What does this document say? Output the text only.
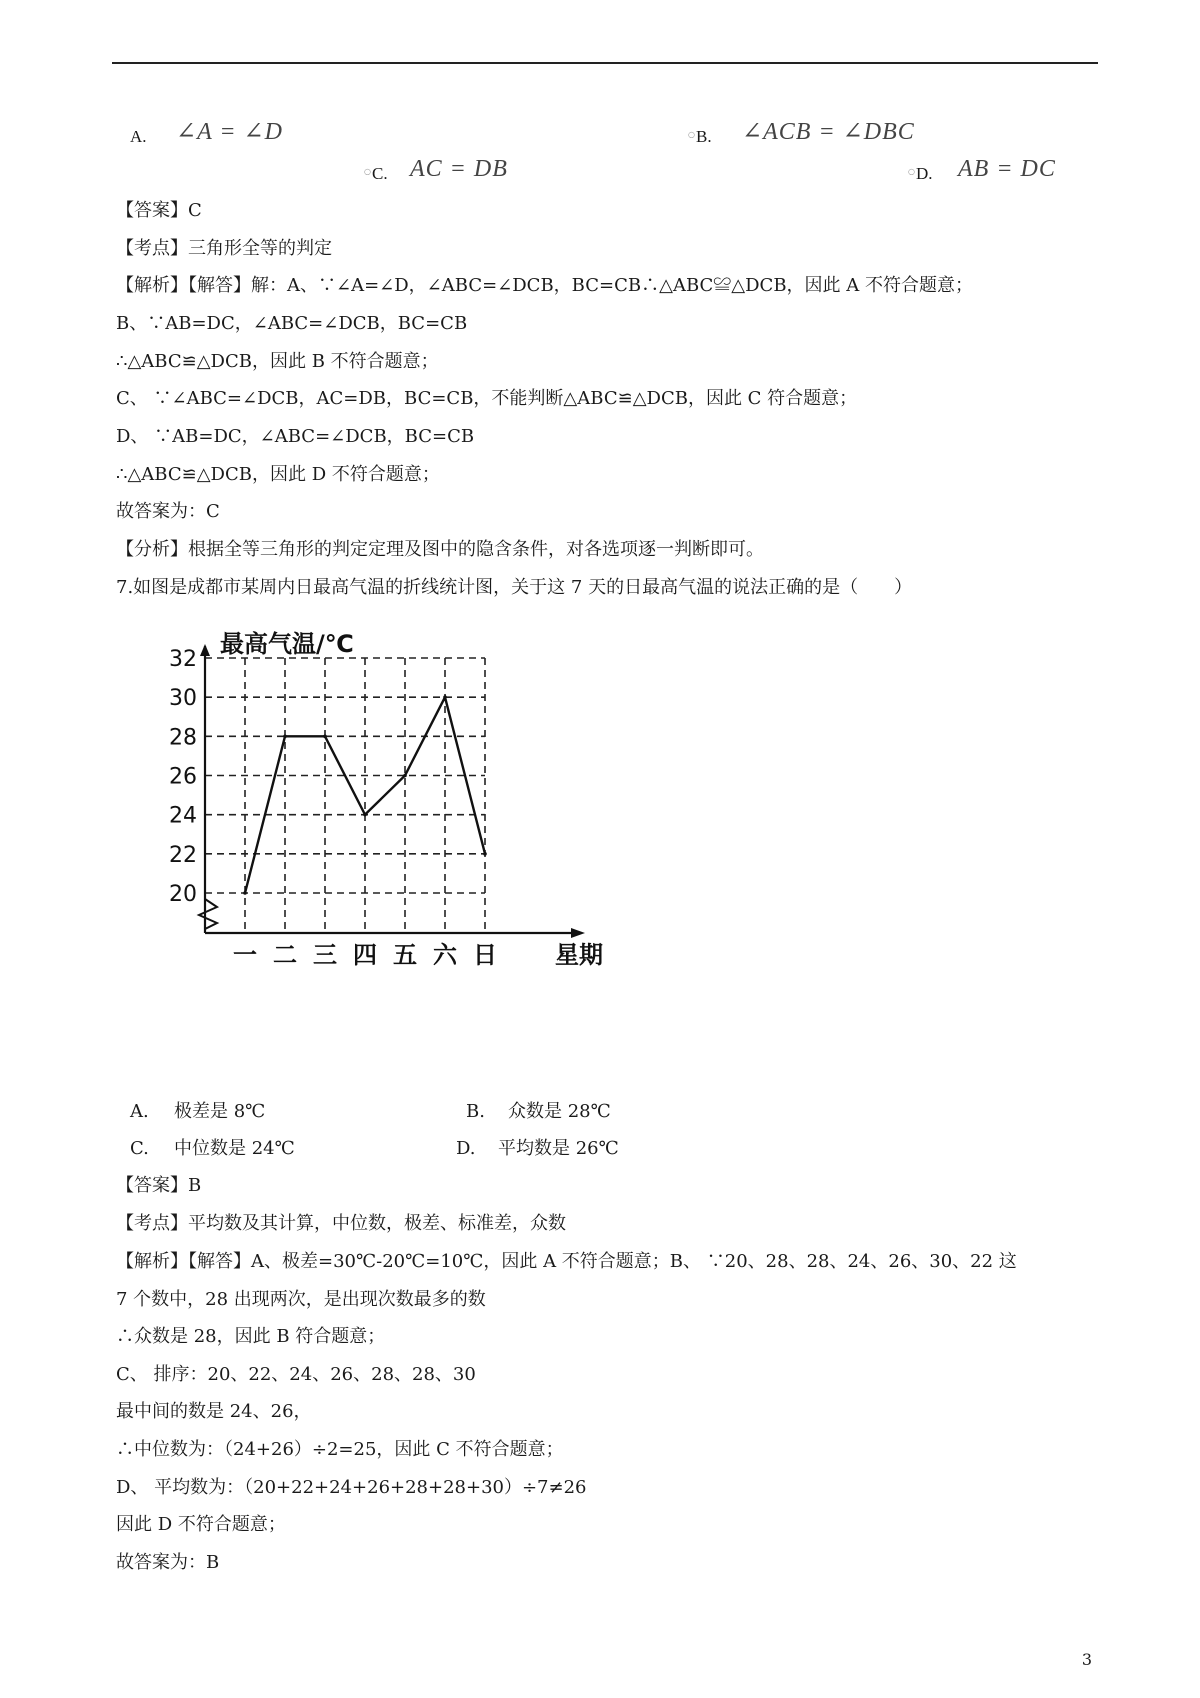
A. ∠A = ∠D	○ B. ∠ACB = ∠DBC
○ C. AC = DB	○ D. AB = DC
【答案】C
【考点】三角形全等的判定
【解析】【解答】解：A、∵∠A=∠D，∠ABC=∠DCB，BC=CB∴△ABC≌△DCB，因此 A 不符合题意；
B、∵AB=DC，∠ABC=∠DCB，BC=CB
∴△ABC≌△DCB，因此 B 不符合题意；
C、 ∵∠ABC=∠DCB，AC=DB，BC=CB，不能判断△ABC≌△DCB，因此 C 符合题意；
D、 ∵AB=DC，∠ABC=∠DCB，BC=CB
∴△ABC≌△DCB，因此 D 不符合题意；
故答案为：C
【分析】根据全等三角形的判定定理及图中的隐含条件，对各选项逐一判断即可。
7.如图是成都市某周内日最高气温的折线统计图，关于这 7 天的日最高气温的说法正确的是（　　）
20
22
24
26
28
30
32
一 二 三 四 五 六 日
最高气温/℃
星期
A. 极差是 8℃	B. 众数是 28℃
C. 中位数是 24℃	D. 平均数是 26℃
【答案】B
【考点】平均数及其计算，中位数，极差、标准差，众数
【解析】【解答】A、极差=30℃-20℃=10℃，因此 A 不符合题意；B、 ∵20、28、28、24、26、30、22 这
7 个数中，28 出现两次，是出现次数最多的数
∴众数是 28，因此 B 符合题意；
C、 排序：20、22、24、26、28、28、30
最中间的数是 24、26，
∴中位数为：（24+26）÷2=25，因此 C 不符合题意；
D、 平均数为：（20+22+24+26+28+28+30）÷7≠26
因此 D 不符合题意；
故答案为：B
3
